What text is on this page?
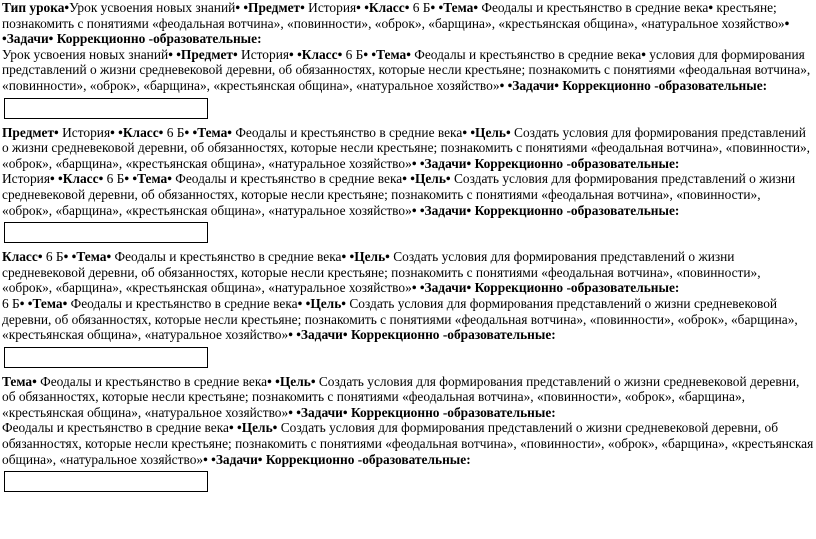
Тип урока•Урок усвоения новых знаний• •Предмет• История• •Класс• 6 Б• •Тема• Феодалы и крестьянство в средние века• крестьяне; познакомить с понятиями «феодальная вотчина», «повинности», «оброк», «барщина», «крестьянская община», «натуральное хозяйство»• •Задачи• Коррекционно -образовательные:

Урок усвоения новых знаний• •Предмет• История• •Класс• 6 Б• •Тема• Феодалы и крестьянство в средние века• условия для формирования представлений о жизни средневековой деревни, об обязанностях, которые несли крестьяне; познакомить с понятиями «феодальная вотчина», «повинности», «оброк», «барщина», «крестьянская община», «натуральное хозяйство»• •Задачи• Коррекционно -образовательные:

Предмет• История• •Класс• 6 Б• •Тема• Феодалы и крестьянство в средние века• •Цель• Создать условия для формирования представлений о жизни средневековой деревни, об обязанностях, которые несли крестьяне; познакомить с понятиями «феодальная вотчина», «повинности», «оброк», «барщина», «крестьянская община», «натуральное хозяйство»• •Задачи• Коррекционно -образовательные:

История• •Класс• 6 Б• •Тема• Феодалы и крестьянство в средние века• •Цель• Создать условия для формирования представлений о жизни средневековой деревни, об обязанностях, которые несли крестьяне; познакомить с понятиями «феодальная вотчина», «повинности», «оброк», «барщина», «крестьянская община», «натуральное хозяйство»• •Задачи• Коррекционно -образовательные:

Класс• 6 Б• •Тема• Феодалы и крестьянство в средние века• •Цель• Создать условия для формирования представлений о жизни средневековой деревни, об обязанностях, которые несли крестьяне; познакомить с понятиями «феодальная вотчина», «повинности», «оброк», «барщина», «крестьянская община», «натуральное хозяйство»• •Задачи• Коррекционно -образовательные:

6 Б• •Тема• Феодалы и крестьянство в средние века• •Цель• Создать условия для формирования представлений о жизни средневековой деревни, об обязанностях, которые несли крестьяне; познакомить с понятиями «феодальная вотчина», «повинности», «оброк», «барщина», «крестьянская община», «натуральное хозяйство»• •Задачи• Коррекционно -образовательные:

Тема• Феодалы и крестьянство в средние века• •Цель• Создать условия для формирования представлений о жизни средневековой деревни, об обязанностях, которые несли крестьяне; познакомить с понятиями «феодальная вотчина», «повинности», «оброк», «барщина», «крестьянская община», «натуральное хозяйство»• •Задачи• Коррекционно -образовательные:

Феодалы и крестьянство в средние века• •Цель• Создать условия для формирования представлений о жизни средневековой деревни, об обязанностях, которые несли крестьяне; познакомить с понятиями «феодальная вотчина», «повинности», «оброк», «барщина», «крестьянская община», «натуральное хозяйство»• •Задачи• Коррекционно -образовательные:
